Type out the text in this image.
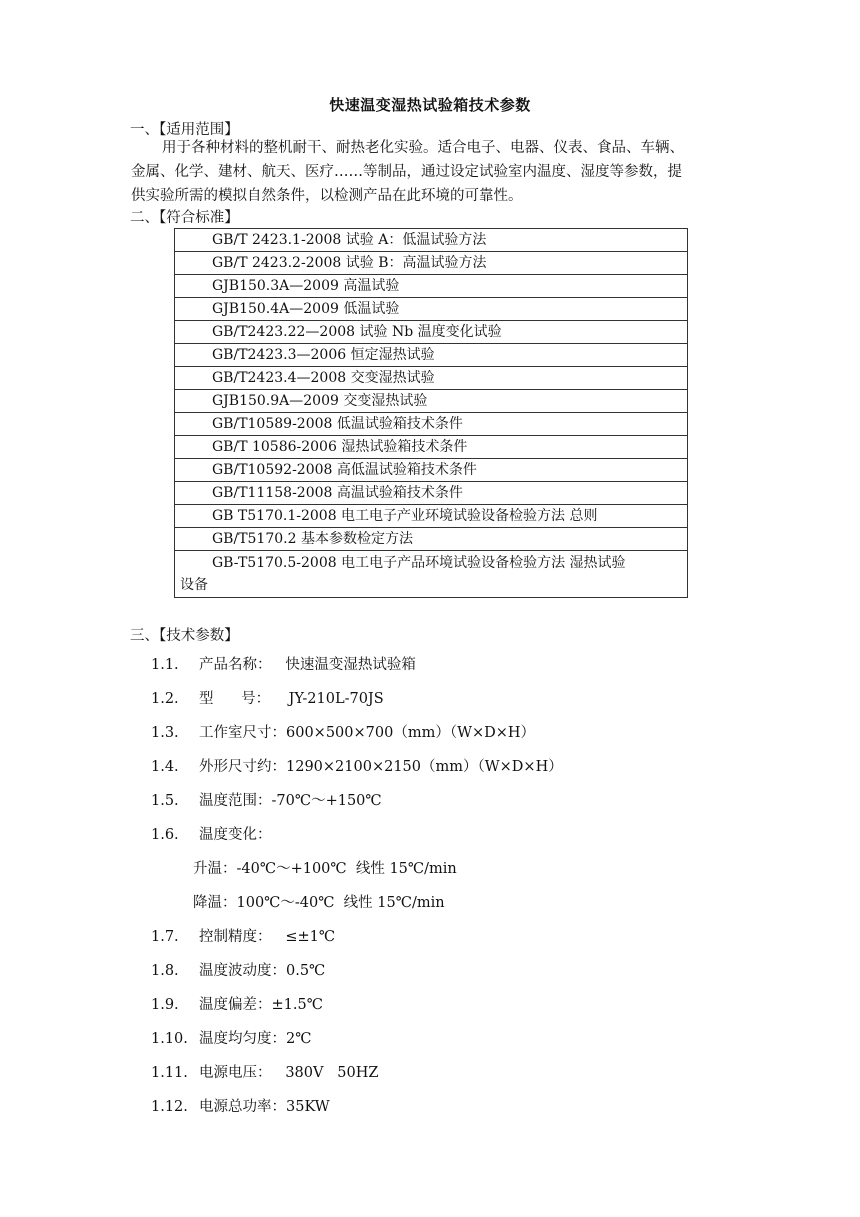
快速温变湿热试验箱技术参数
一、【适用范围】
用于各种材料的整机耐干、耐热老化实验。适合电子、电器、仪表、食品、车辆、
金属、化学、建材、航天、医疗……等制品，通过设定试验室内温度、湿度等参数，提
供实验所需的模拟自然条件，以检测产品在此环境的可靠性。
二、【符合标准】
GB/T 2423.1-2008 试验 A：低温试验方法
GB/T 2423.2-2008 试验 B：高温试验方法
GJB150.3A—2009 高温试验
GJB150.4A—2009 低温试验
GB/T2423.22—2008 试验 Nb 温度变化试验
GB/T2423.3—2006 恒定湿热试验
GB/T2423.4—2008 交变湿热试验
GJB150.9A—2009 交变湿热试验
GB/T10589-2008 低温试验箱技术条件
GB/T 10586-2006 湿热试验箱技术条件
GB/T10592-2008 高低温试验箱技术条件
GB/T11158-2008 高温试验箱技术条件
GB T5170.1-2008 电工电子产业环境试验设备检验方法 总则
GB/T5170.2 基本参数检定方法
GB-T5170.5-2008 电工电子产品环境试验设备检验方法 湿热试验
设备
三、【技术参数】
1.1. 产品名称：   快速温变湿热试验箱
1.2. 型      号：    JY-210L-70JS
1.3. 工作室尺寸：600×500×700（mm）（W×D×H）
1.4. 外形尺寸约：1290×2100×2150（mm）（W×D×H）
1.5. 温度范围：-70℃～+150℃
1.6. 温度变化：
升温：-40℃～+100℃  线性 15℃/min
降温：100℃～-40℃  线性 15℃/min
1.7. 控制精度：   ≤±1℃
1.8. 温度波动度：0.5℃
1.9. 温度偏差：±1.5℃
1.10. 温度均匀度：2℃
1.11. 电源电压：   380V   50HZ
1.12. 电源总功率：35KW
